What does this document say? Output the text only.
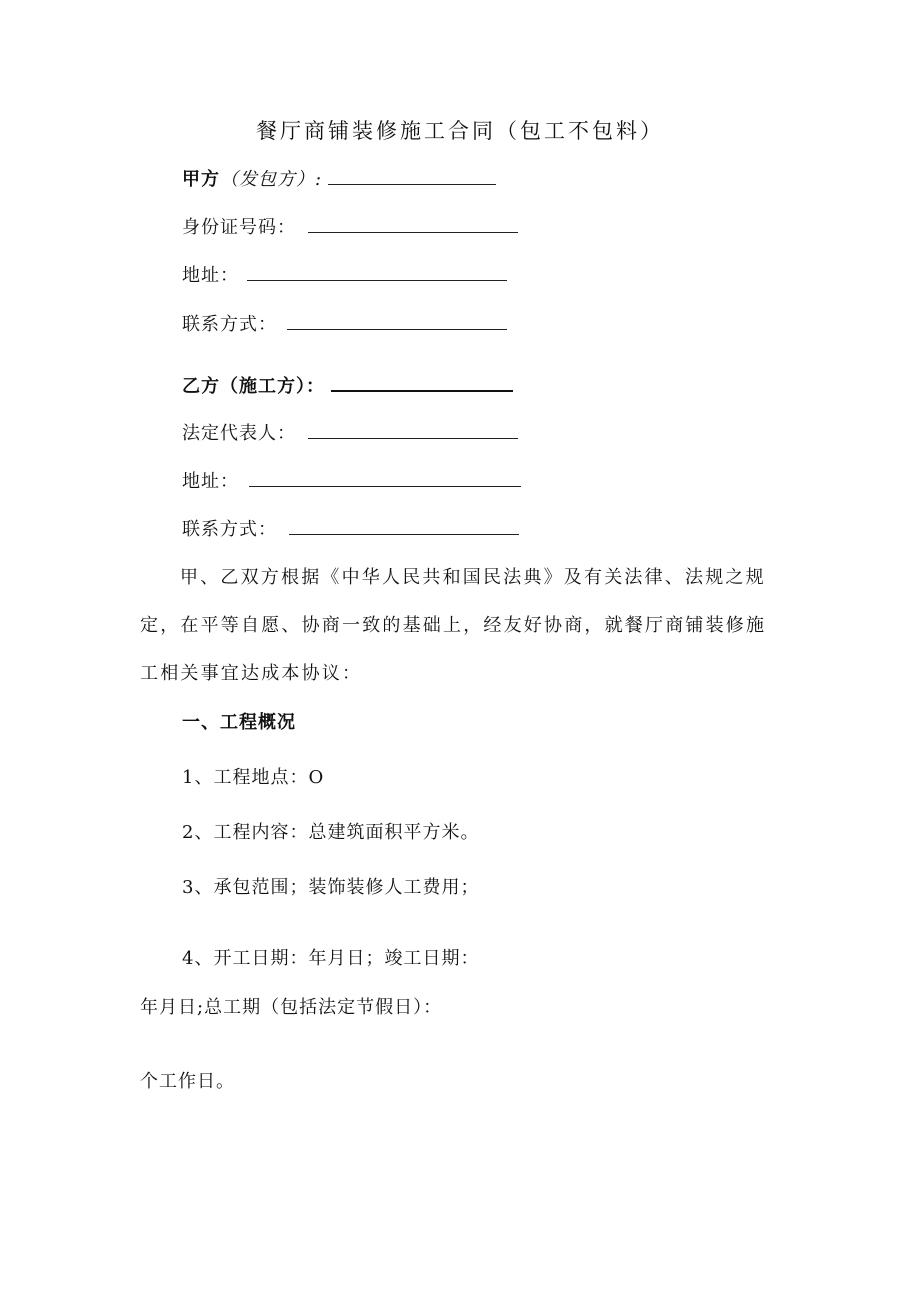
餐厅商铺装修施工合同（包工不包料）
甲方（发包方）:
身份证号码：
地址：
联系方式：
乙方（施工方）：
法定代表人：
地址：
联系方式：
甲、乙双方根据《中华人民共和国民法典》及有关法律、法规之规定，在平等自愿、协商一致的基础上，经友好协商，就餐厅商铺装修施工相关事宜达成本协议：
一、工程概况
1、工程地点：O
2、工程内容：总建筑面积平方米。
3、承包范围；装饰装修人工费用；
4、开工日期：年月日；竣工日期：
年月日;总工期（包括法定节假日）：
个工作日。
